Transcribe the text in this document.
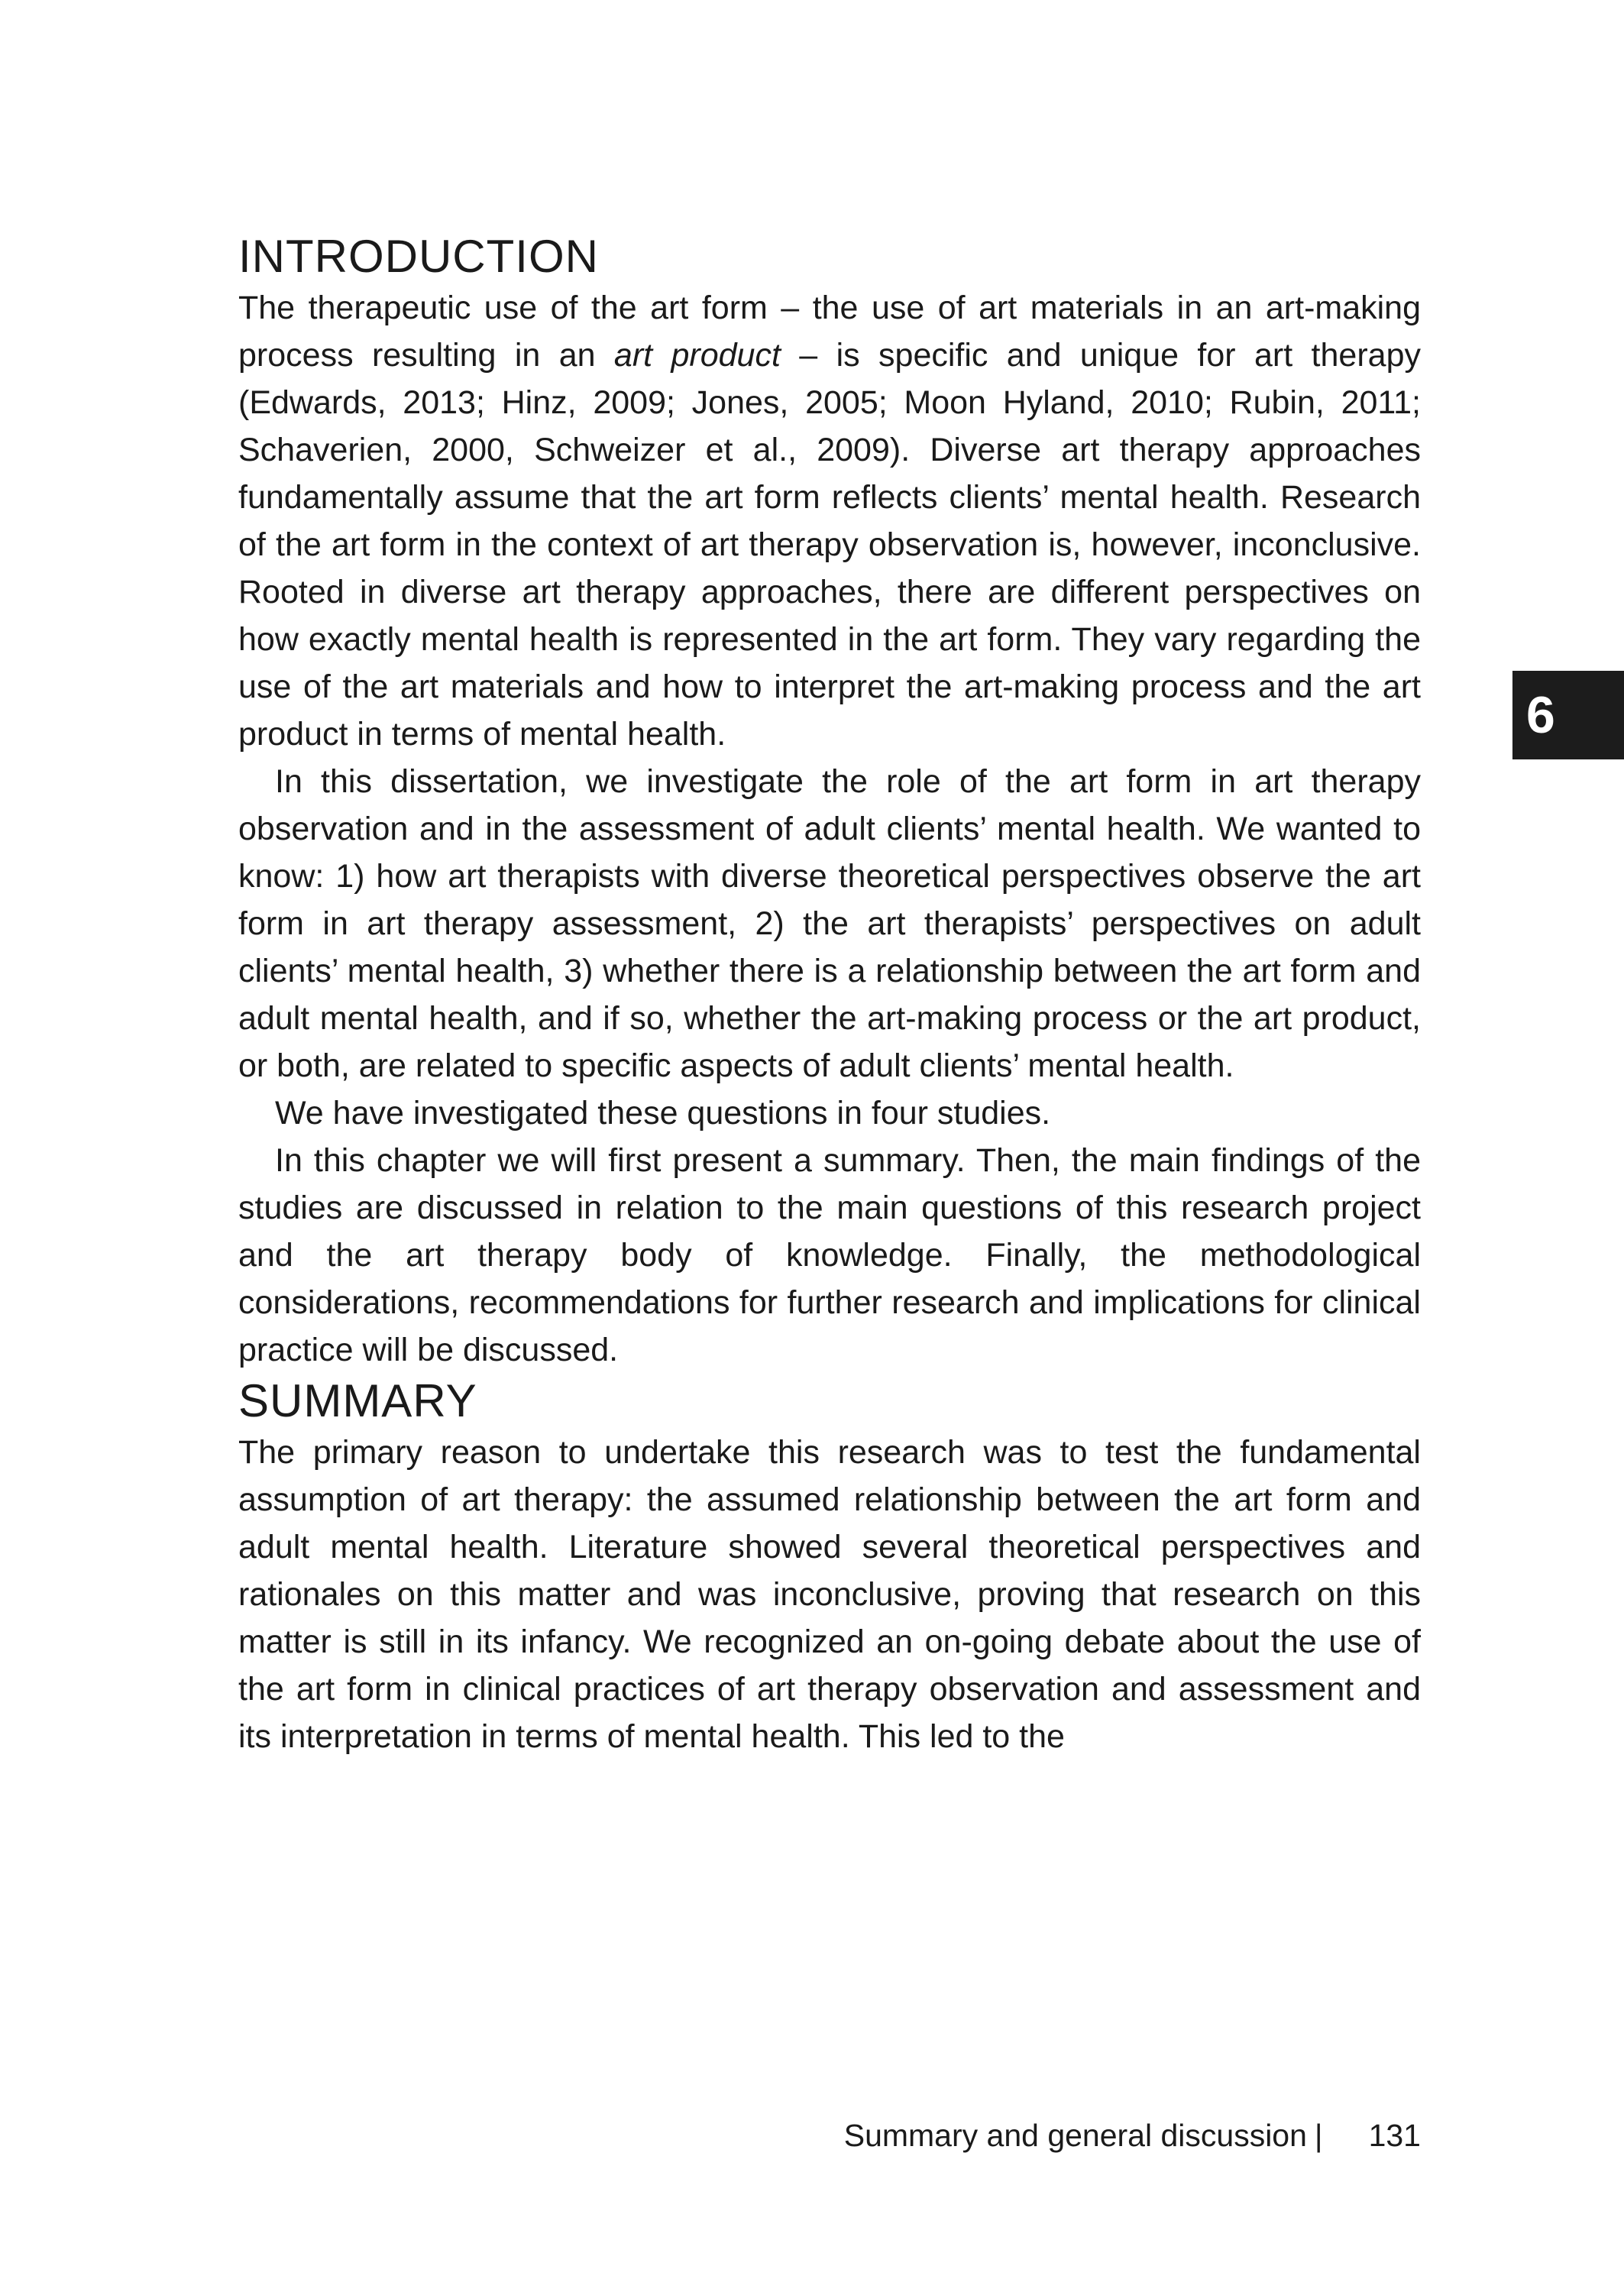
INTRODUCTION

The therapeutic use of the art form – the use of art materials in an art-making process resulting in an art product – is specific and unique for art therapy (Edwards, 2013; Hinz, 2009; Jones, 2005; Moon Hyland, 2010; Rubin, 2011; Schaverien, 2000, Schweizer et al., 2009). Diverse art therapy approaches fundamentally assume that the art form reflects clients’ mental health. Research of the art form in the context of art therapy observation is, however, inconclusive. Rooted in diverse art therapy approaches, there are different perspectives on how exactly mental health is represented in the art form. They vary regarding the use of the art materials and how to interpret the art-making process and the art product in terms of mental health.

In this dissertation, we investigate the role of the art form in art therapy observation and in the assessment of adult clients’ mental health. We wanted to know: 1) how art therapists with diverse theoretical perspectives observe the art form in art therapy assessment, 2) the art therapists’ perspectives on adult clients’ mental health, 3) whether there is a relationship between the art form and adult mental health, and if so, whether the art-making process or the art product, or both, are related to specific aspects of adult clients’ mental health.

We have investigated these questions in four studies.

In this chapter we will first present a summary. Then, the main findings of the studies are discussed in relation to the main questions of this research project and the art therapy body of knowledge. Finally, the methodological considerations, recommendations for further research and implications for clinical practice will be discussed.

SUMMARY

The primary reason to undertake this research was to test the fundamental assumption of art therapy: the assumed relationship between the art form and adult mental health. Literature showed several theoretical perspectives and rationales on this matter and was inconclusive, proving that research on this matter is still in its infancy. We recognized an on-going debate about the use of the art form in clinical practices of art therapy observation and assessment and its interpretation in terms of mental health. This led to the

6
Summary and general discussion | 131
